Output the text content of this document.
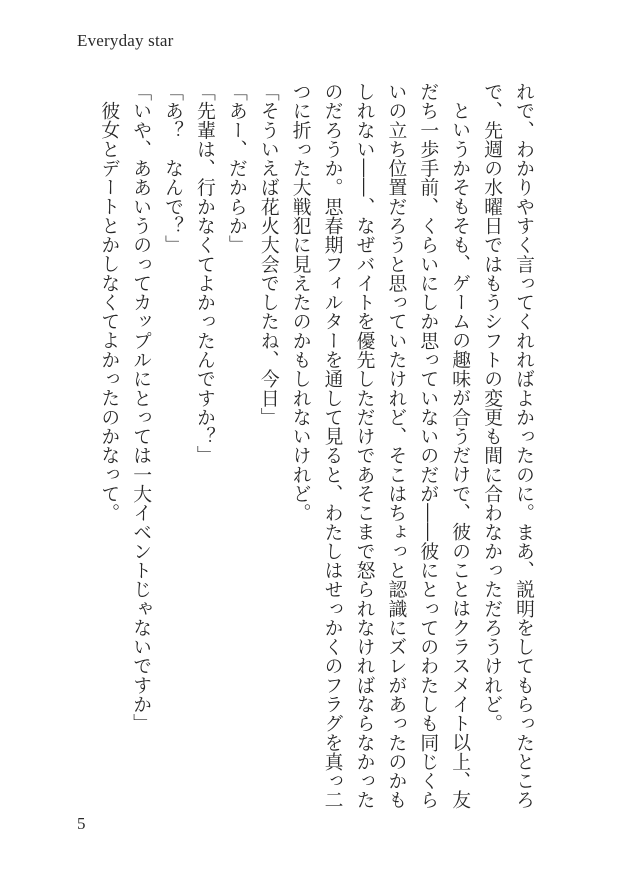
Everyday star

れで、わかりやすく言ってくれればよかったのに。まあ、説明をしてもらったところ

で、先週の水曜日ではもうシフトの変更も間に合わなかっただろうけれど。

というかそもそも、ゲームの趣味が合うだけで、彼のことはクラスメイト以上、友

だち一歩手前、くらいにしか思っていないのだが――彼にとってのわたしも同じくら

いの立ち位置だろうと思っていたけれど、そこはちょっと認識にズレがあったのかも

しれない――、なぜバイトを優先しただけであそこまで怒られなければならなかった

のだろうか。思春期フィルターを通して見ると、わたしはせっかくのフラグを真っ二

つに折った大戦犯に見えたのかもしれないけれど。

「そういえば花火大会でしたね、今日」

「あー、だからか」

「先輩は、行かなくてよかったんですか？」

「あ？　なんで？」

「いや、ああいうのってカップルにとっては一大イベントじゃないですか」

彼女とデートとかしなくてよかったのかなって。

5
